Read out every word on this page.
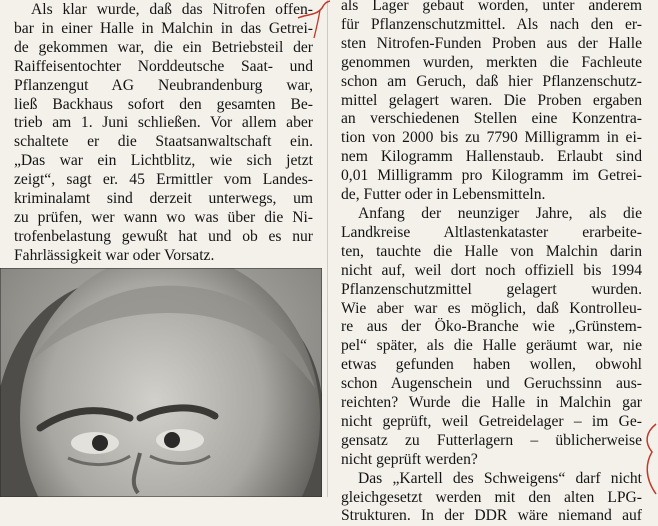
Als klar wurde, daß das Nitrofen offen-
bar in einer Halle in Malchin in das Getrei-
de gekommen war, die ein Betriebsteil der
Raiffeisentochter Norddeutsche Saat- und
Pflanzengut AG Neubrandenburg war,
ließ Backhaus sofort den gesamten Be-
trieb am 1. Juni schließen. Vor allem aber
schaltete er die Staatsanwaltschaft ein.
„Das war ein Lichtblitz, wie sich jetzt
zeigt“, sagt er. 45 Ermittler vom Landes-
kriminalamt sind derzeit unterwegs, um
zu prüfen, wer wann wo was über die Ni-
trofenbelastung gewußt hat und ob es nur
Fahrlässigkeit war oder Vorsatz.

als Lager gebaut worden, unter anderem
für Pflanzenschutzmittel. Als nach den er-
sten Nitrofen-Funden Proben aus der Halle
genommen wurden, merkten die Fachleute
schon am Geruch, daß hier Pflanzenschutz-
mittel gelagert waren. Die Proben ergaben
an verschiedenen Stellen eine Konzentra-
tion von 2000 bis zu 7790 Milligramm in ei-
nem Kilogramm Hallenstaub. Erlaubt sind
0,01 Milligramm pro Kilogramm im Getrei-
de, Futter oder in Lebensmitteln.

Anfang der neunziger Jahre, als die
Landkreise Altlastenkataster erarbeite-
ten, tauchte die Halle von Malchin darin
nicht auf, weil dort noch offiziell bis 1994
Pflanzenschutzmittel gelagert wurden.
Wie aber war es möglich, daß Kontrolleu-
re aus der Öko-Branche wie „Grünstem-
pel“ später, als die Halle geräumt war, nie
etwas gefunden haben wollen, obwohl
schon Augenschein und Geruchssinn aus-
reichten? Wurde die Halle in Malchin gar
nicht geprüft, weil Getreidelager – im Ge-
gensatz zu Futterlagern – üblicherweise
nicht geprüft werden?

Das „Kartell des Schweigens“ darf nicht
gleichgesetzt werden mit den alten LPG-
Strukturen. In der DDR wäre niemand auf
